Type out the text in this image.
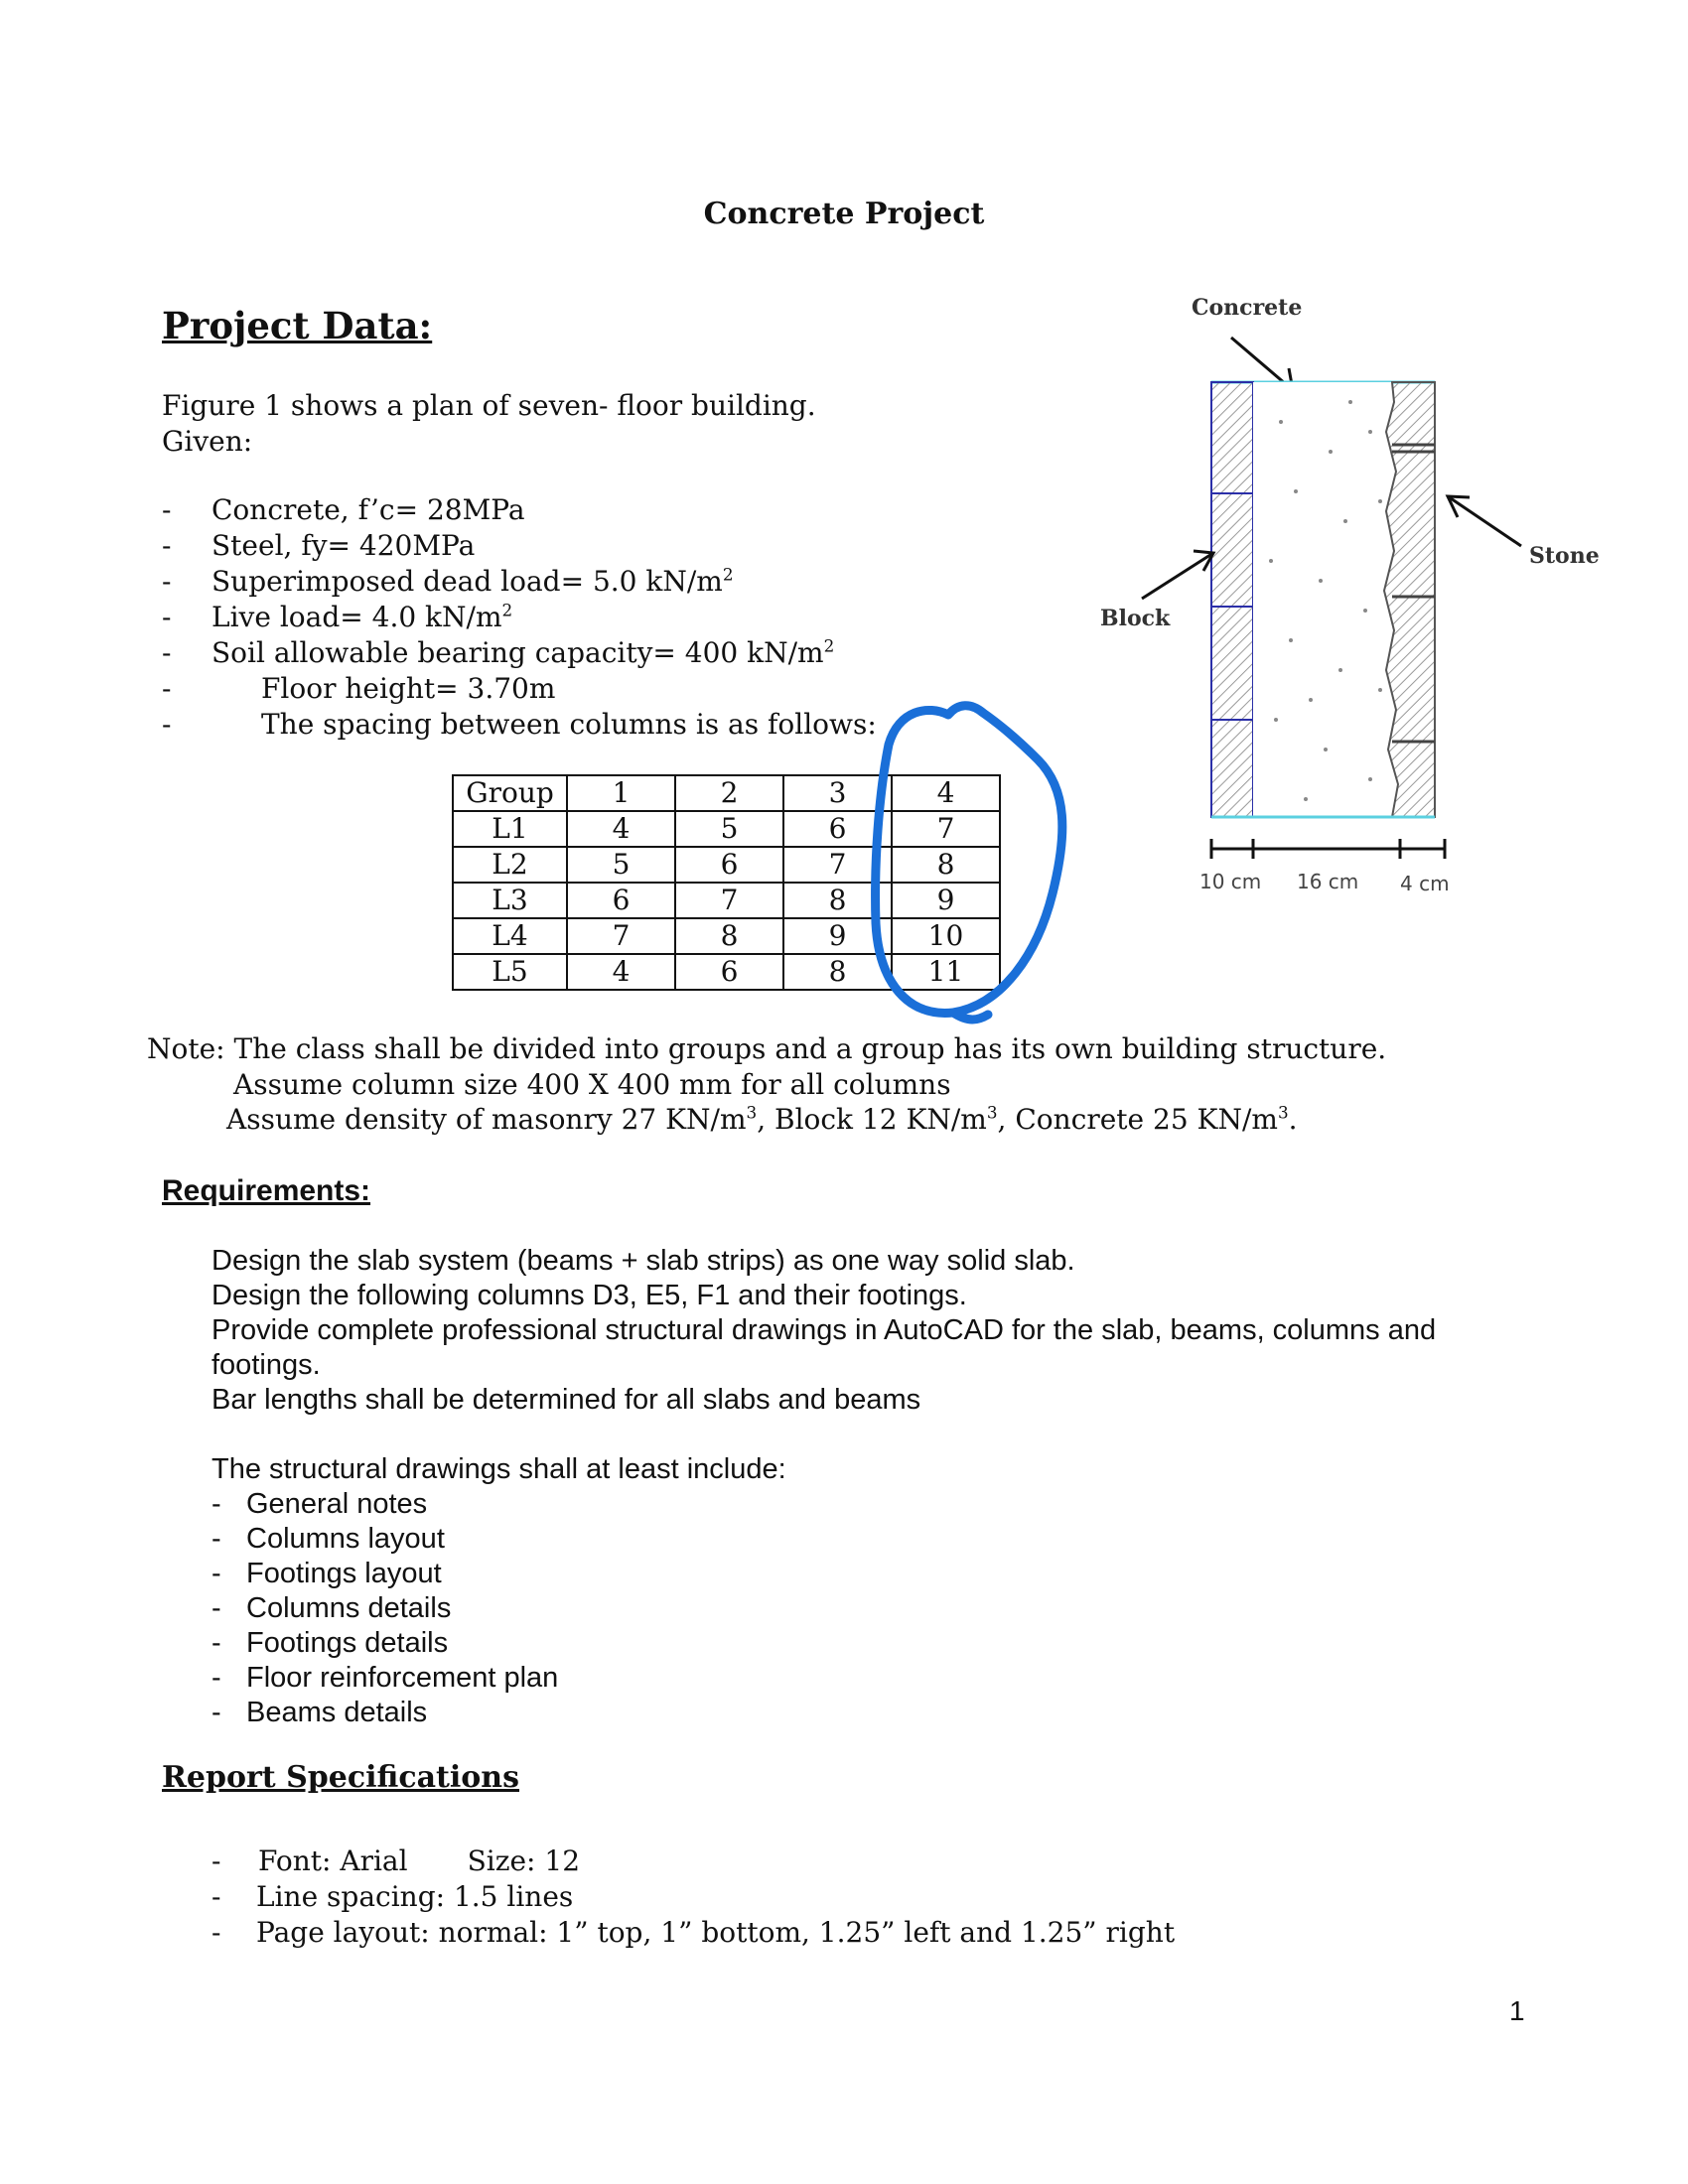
Concrete Project
Project Data:
Figure 1 shows a plan of seven- floor building.
Given:
- Concrete, f’c= 28MPa
- Steel, fy= 420MPa
- Superimposed dead load= 5.0 $kN/m^2$
- Live load= 4.0 $kN/m^2$
- Soil allowable bearing capacity= 400 $kN/m^2$
-	Floor height= 3.70m
-	The spacing between columns is as follows:
Group	1	2	3	4
L1	4	5	6	7
L2	5	6	7	8
L3	6	7	8	9
L4	7	8	9	10
L5	4	6	8	11
Concrete
Stone
Block
10 cm 16 cm 4 cm
Note: The class shall be divided into groups and a group has its own building structure.
Assume column size 400 X 400 mm for all columns
Assume density of masonry 27 $KN/m^3$, Block 12 $KN/m^3$, Concrete 25 $KN/m^3$.
Requirements:
Design the slab system (beams + slab strips) as one way solid slab.
Design the following columns D3, E5, F1 and their footings.
Provide complete professional structural drawings in AutoCAD for the slab, beams, columns and
footings.
Bar lengths shall be determined for all slabs and beams
The structural drawings shall at least include:
- General notes
- Columns layout
- Footings layout
- Columns details
- Footings details
- Floor reinforcement plan
- Beams details
Report Specifications
- Font: Arial Size: 12
- Line spacing: 1.5 lines
- Page layout: normal: 1” top, 1” bottom, 1.25” left and 1.25” right
1
